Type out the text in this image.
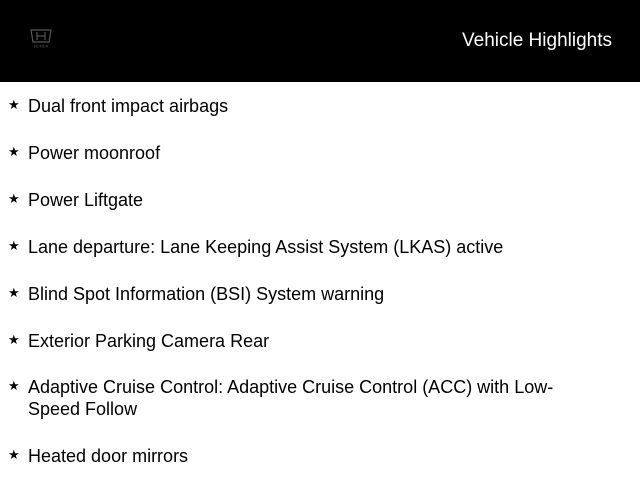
HONDA	Vehicle Highlights
★ Dual front impact airbags
★ Power moonroof
★ Power Liftgate
★ Lane departure: Lane Keeping Assist System (LKAS) active
★ Blind Spot Information (BSI) System warning
★ Exterior Parking Camera Rear
★ Adaptive Cruise Control: Adaptive Cruise Control (ACC) with Low-Speed Follow
★ Heated door mirrors
